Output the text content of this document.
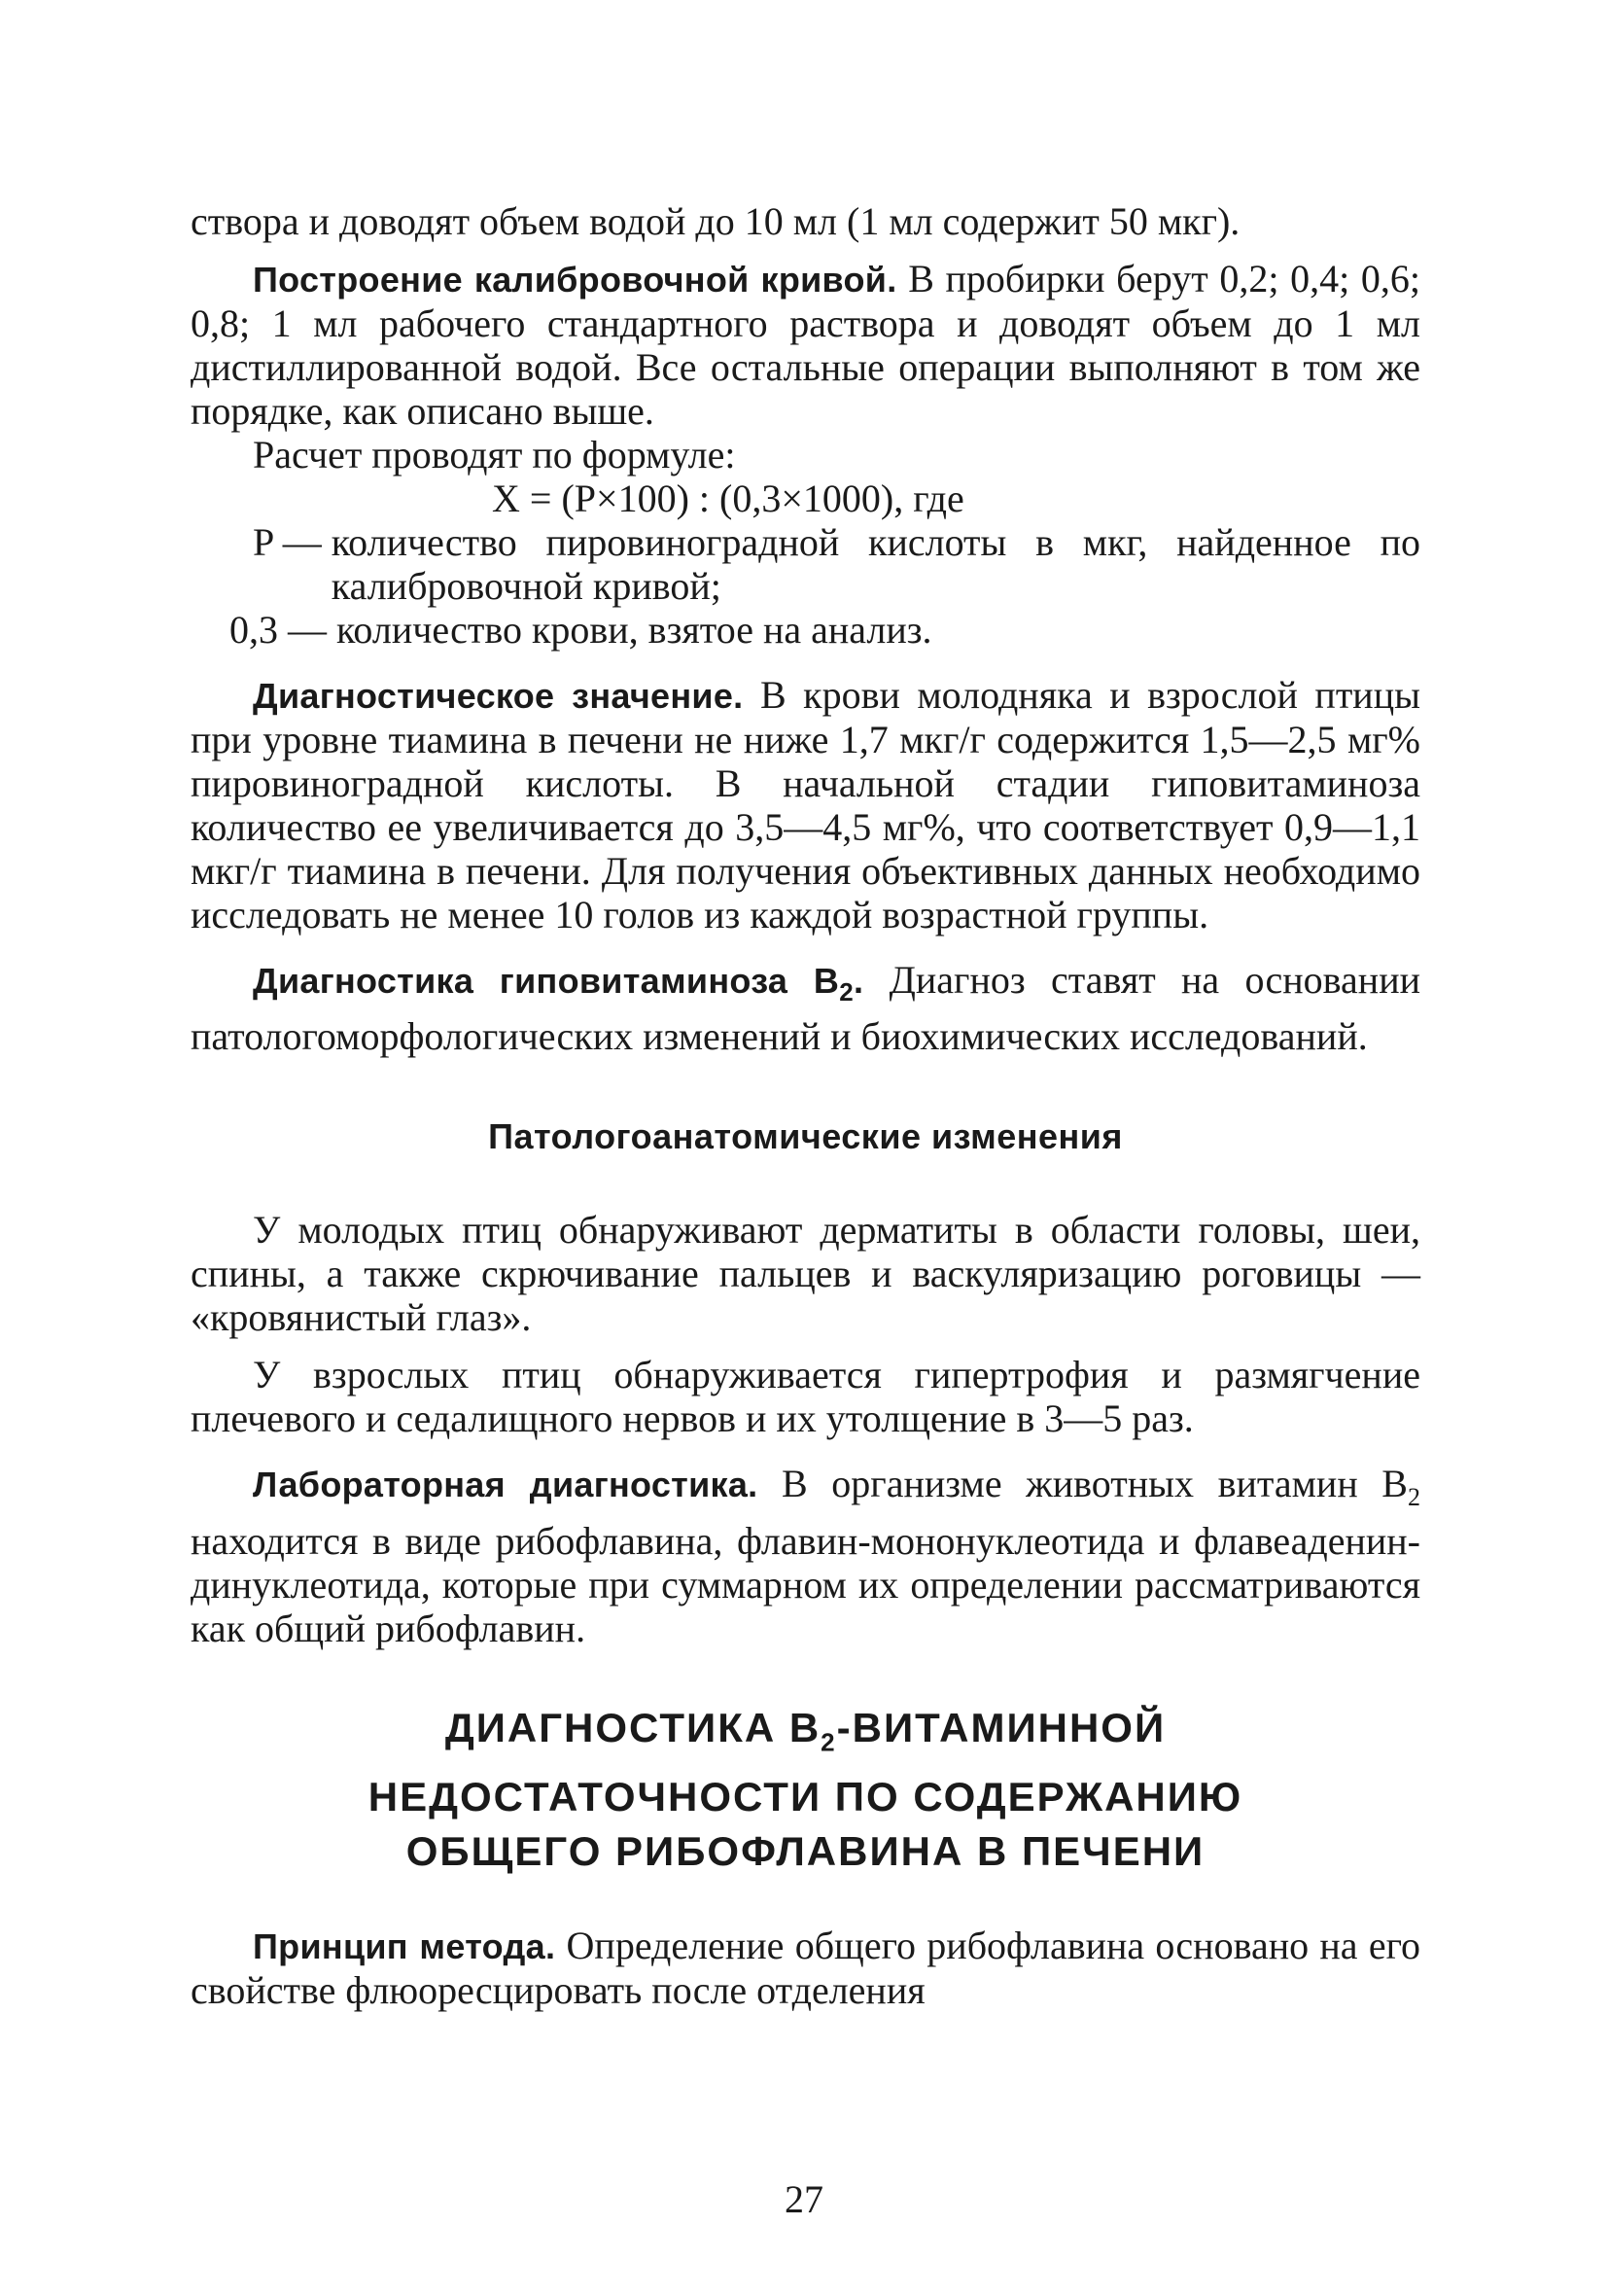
створа и доводят объем водой до 10 мл (1 мл содержит 50 мкг).

Построение калибровочной кривой. В пробирки берут 0,2; 0,4; 0,6; 0,8; 1 мл рабочего стандартного раствора и доводят объем до 1 мл дистиллированной водой. Все остальные операции выполняют в том же порядке, как описано выше.

Расчет проводят по формуле:

X = (P×100) : (0,3×1000), где

P — количество пировиноградной кислоты в мкг, найденное по калибровочной кривой;
0,3 — количество крови, взятое на анализ.

Диагностическое значение. В крови молодняка и взрослой птицы при уровне тиамина в печени не ниже 1,7 мкг/г содержится 1,5—2,5 мг% пировиноградной кислоты. В начальной стадии гиповитаминоза количество ее увеличивается до 3,5—4,5 мг%, что соответствует 0,9—1,1 мкг/г тиамина в печени. Для получения объективных данных необходимо исследовать не менее 10 голов из каждой возрастной группы.

Диагностика гиповитаминоза $B_2$. Диагноз ставят на основании патологоморфологических изменений и биохимических исследований.

Патологоанатомические изменения

У молодых птиц обнаруживают дерматиты в области головы, шеи, спины, а также скрючивание пальцев и васкуляризацию роговицы — «кровянистый глаз».

У взрослых птиц обнаруживается гипертрофия и размягчение плечевого и седалищного нервов и их утолщение в 3—5 раз.

Лабораторная диагностика. В организме животных витамин $B_2$ находится в виде рибофлавина, флавин-мононуклеотида и флавеаденин-динуклеотида, которые при суммарном их определении рассматриваются как общий рибофлавин.

ДИАГНОСТИКА $B_2$-ВИТАМИННОЙ
НЕДОСТАТОЧНОСТИ ПО СОДЕРЖАНИЮ
ОБЩЕГО РИБОФЛАВИНА В ПЕЧЕНИ

Принцип метода. Определение общего рибофлавина основано на его свойстве флюоресцировать после отделения

27
